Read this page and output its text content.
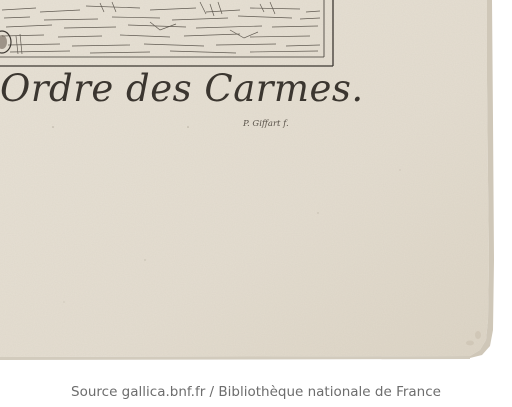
Ordre des Carmes.
P. Giffart f.
Source gallica.bnf.fr / Bibliothèque nationale de France
